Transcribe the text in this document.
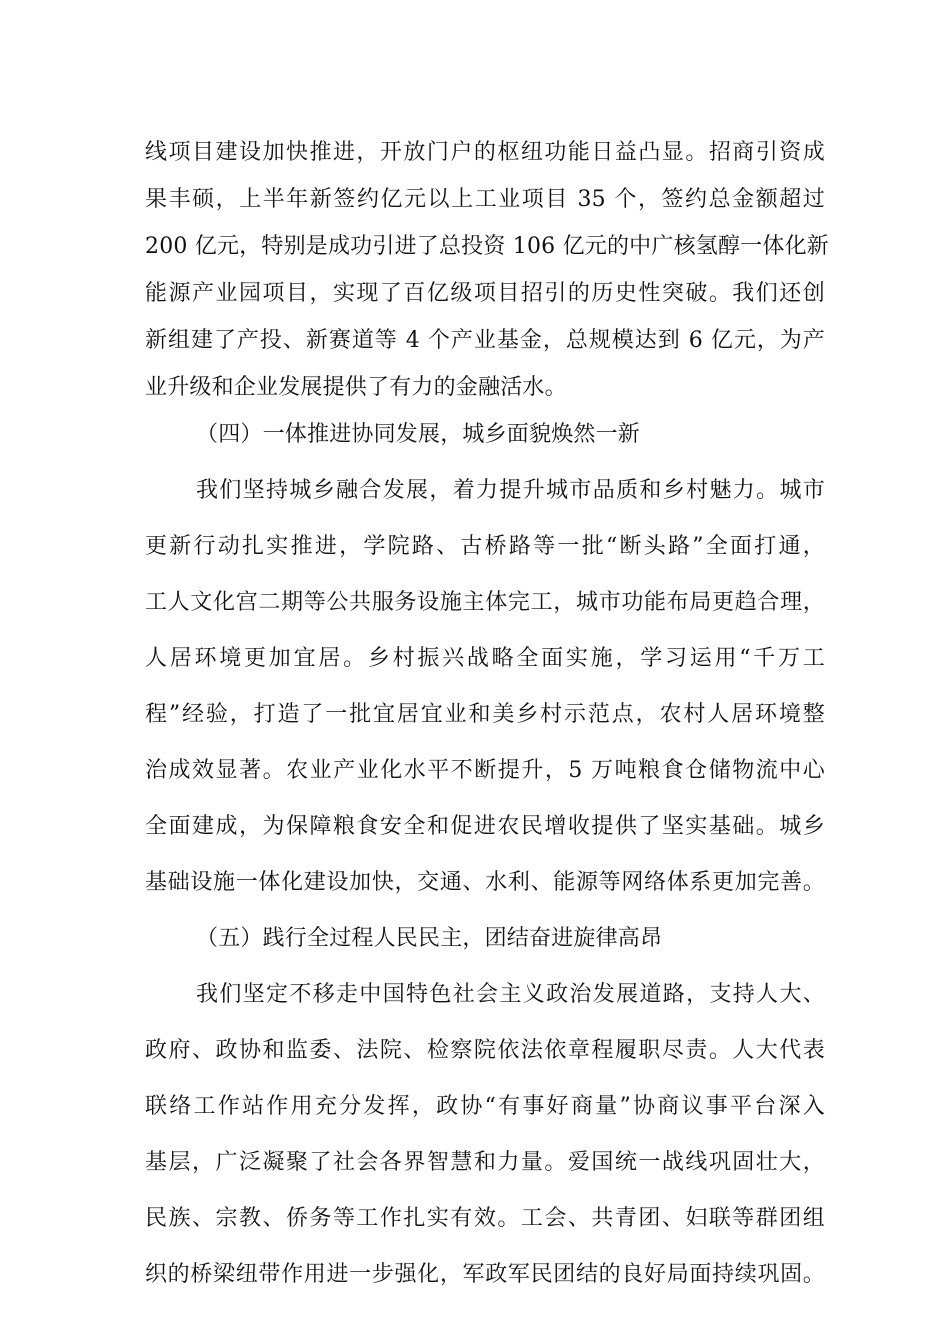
线项目建设加快推进，开放门户的枢纽功能日益凸显。招商引资成
果丰硕，上半年新签约亿元以上工业项目 35 个，签约总金额超过
200 亿元，特别是成功引进了总投资 106 亿元的中广核氢醇一体化新
能源产业园项目，实现了百亿级项目招引的历史性突破。我们还创
新组建了产投、新赛道等 4 个产业基金，总规模达到 6 亿元，为产
业升级和企业发展提供了有力的金融活水。
（四）一体推进协同发展，城乡面貌焕然一新
我们坚持城乡融合发展，着力提升城市品质和乡村魅力。城市
更新行动扎实推进，学院路、古桥路等一批“断头路”全面打通，
工人文化宫二期等公共服务设施主体完工，城市功能布局更趋合理，
人居环境更加宜居。乡村振兴战略全面实施，学习运用“千万工
程”经验，打造了一批宜居宜业和美乡村示范点，农村人居环境整
治成效显著。农业产业化水平不断提升，5 万吨粮食仓储物流中心
全面建成，为保障粮食安全和促进农民增收提供了坚实基础。城乡
基础设施一体化建设加快，交通、水利、能源等网络体系更加完善。
（五）践行全过程人民民主，团结奋进旋律高昂
我们坚定不移走中国特色社会主义政治发展道路，支持人大、
政府、政协和监委、法院、检察院依法依章程履职尽责。人大代表
联络工作站作用充分发挥，政协“有事好商量”协商议事平台深入
基层，广泛凝聚了社会各界智慧和力量。爱国统一战线巩固壮大，
民族、宗教、侨务等工作扎实有效。工会、共青团、妇联等群团组
织的桥梁纽带作用进一步强化，军政军民团结的良好局面持续巩固。
